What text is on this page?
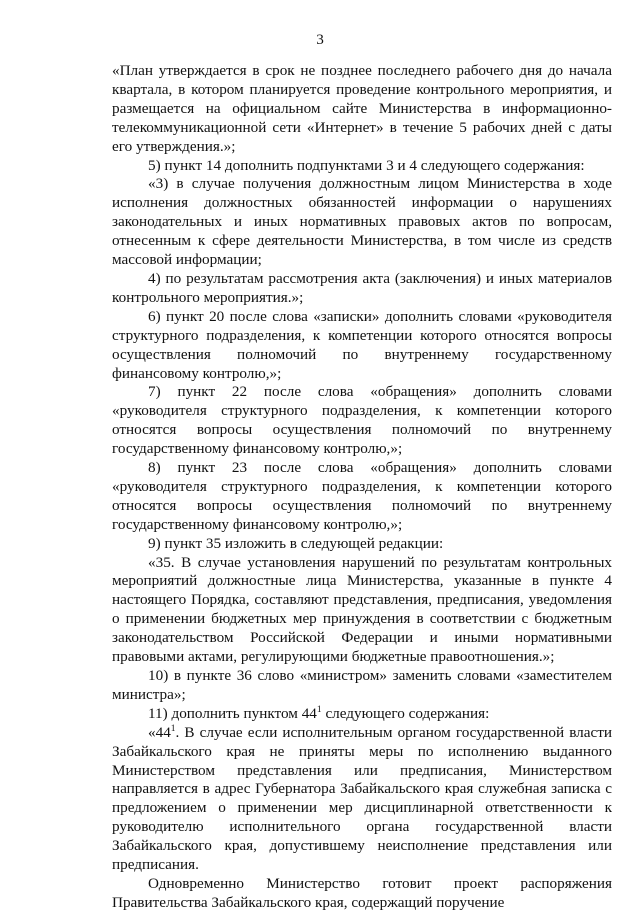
3

«План утверждается в срок не позднее последнего рабочего дня до начала квартала, в котором планируется проведение контрольного мероприятия, и размещается на официальном сайте Министерства в информационно-телекоммуникационной сети «Интернет» в течение 5 рабочих дней с даты его утверждения.»;

5) пункт 14 дополнить подпунктами 3 и 4 следующего содержания:

«3) в случае получения должностным лицом Министерства в ходе исполнения должностных обязанностей информации о нарушениях законодательных и иных нормативных правовых актов по вопросам, отнесенным к сфере деятельности Министерства, в том числе из средств массовой информации;

4) по результатам рассмотрения акта (заключения) и иных материалов контрольного мероприятия.»;

6) пункт 20 после слова «записки» дополнить словами «руководителя структурного подразделения, к компетенции которого относятся вопросы осуществления полномочий по внутреннему государственному финансовому контролю,»;

7) пункт 22 после слова «обращения» дополнить словами «руководителя структурного подразделения, к компетенции которого относятся вопросы осуществления полномочий по внутреннему государственному финансовому контролю,»;

8) пункт 23 после слова «обращения» дополнить словами «руководителя структурного подразделения, к компетенции которого относятся вопросы осуществления полномочий по внутреннему государственному финансовому контролю,»;

9) пункт 35 изложить в следующей редакции:

«35. В случае установления нарушений по результатам контрольных мероприятий должностные лица Министерства, указанные в пункте 4 настоящего Порядка, составляют представления, предписания, уведомления о применении бюджетных мер принуждения в соответствии с бюджетным законодательством Российской Федерации и иными нормативными правовыми актами, регулирующими бюджетные правоотношения.»;

10) в пункте 36 слово «министром» заменить словами «заместителем министра»;

11) дополнить пунктом $44^1$ следующего содержания:

«$44^1$. В случае если исполнительным органом государственной власти Забайкальского края не приняты меры по исполнению выданного Министерством представления или предписания, Министерством направляется в адрес Губернатора Забайкальского края служебная записка с предложением о применении мер дисциплинарной ответственности к руководителю исполнительного органа государственной власти Забайкальского края, допустившему неисполнение представления или предписания.

Одновременно Министерство готовит проект распоряжения Правительства Забайкальского края, содержащий поручение
